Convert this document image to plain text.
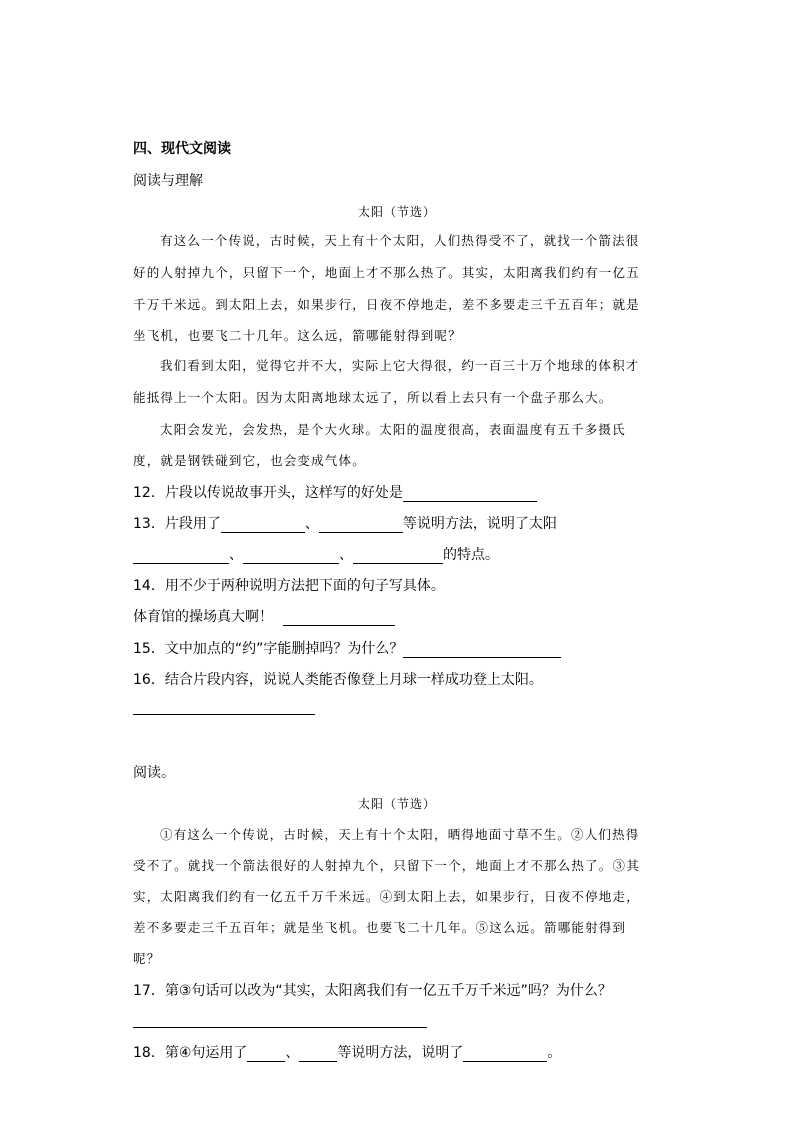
四、现代文阅读
阅读与理解
太阳（节选）
有这么一个传说，古时候，天上有十个太阳，人们热得受不了，就找一个箭法很
好的人射掉九个，只留下一个，地面上才不那么热了。其实，太阳离我们约有一亿五
千万千米远。到太阳上去，如果步行，日夜不停地走，差不多要走三千五百年；就是
坐飞机，也要飞二十几年。这么远，箭哪能射得到呢？
我们看到太阳，觉得它并不大，实际上它大得很，约一百三十万个地球的体积才
能抵得上一个太阳。因为太阳离地球太远了，所以看上去只有一个盘子那么大。
太阳会发光，会发热，是个大火球。太阳的温度很高，表面温度有五千多摄氏
度，就是钢铁碰到它，也会变成气体。
12．片段以传说故事开头，这样写的好处是
13．片段用了	、	等说明方法，说明了太阳
、	、	的特点。
14．用不少于两种说明方法把下面的句子写具体。
体育馆的操场真大啊！
15．文中加点的“约”字能删掉吗？为什么？
16．结合片段内容，说说人类能否像登上月球一样成功登上太阳。
阅读。
太阳（节选）
①有这么一个传说，古时候，天上有十个太阳，晒得地面寸草不生。②人们热得
受不了。就找一个箭法很好的人射掉九个，只留下一个，地面上才不那么热了。③其
实，太阳离我们约有一亿五千万千米远。④到太阳上去，如果步行，日夜不停地走，
差不多要走三千五百年；就是坐飞机。也要飞二十几年。⑤这么远。箭哪能射得到
呢？
17．第③句话可以改为“其实，太阳离我们有一亿五千万千米远”吗？为什么？
18．第④句运用了	、	等说明方法，说明了	。
